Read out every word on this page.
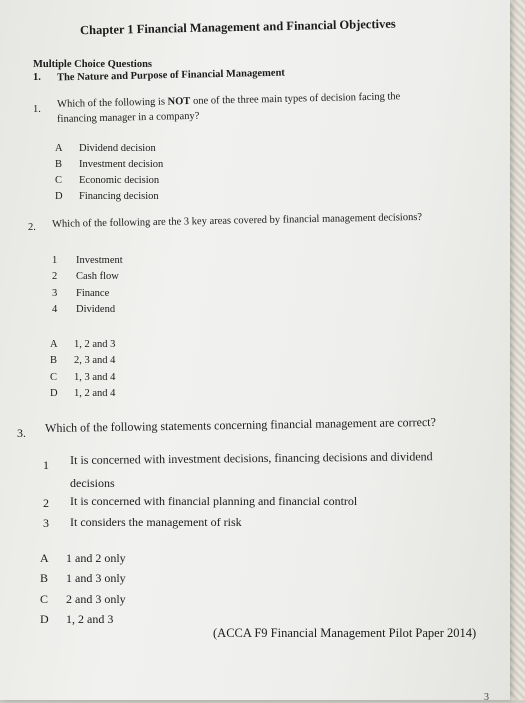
Chapter 1 Financial Management and Financial Objectives
Multiple Choice Questions
1. The Nature and Purpose of Financial Management
1. Which of the following is NOT one of the three main types of decision facing the
financing manager in a company?
A Dividend decision
B Investment decision
C Economic decision
D Financing decision
2. Which of the following are the 3 key areas covered by financial management decisions?
1 Investment
2 Cash flow
3 Finance
4 Dividend
A 1, 2 and 3
B 2, 3 and 4
C 1, 3 and 4
D 1, 2 and 4
3. Which of the following statements concerning financial management are correct?
1 It is concerned with investment decisions, financing decisions and dividend
decisions
2 It is concerned with financial planning and financial control
3 It considers the management of risk
A 1 and 2 only
B 1 and 3 only
C 2 and 3 only
D 1, 2 and 3
(ACCA F9 Financial Management Pilot Paper 2014)
3
